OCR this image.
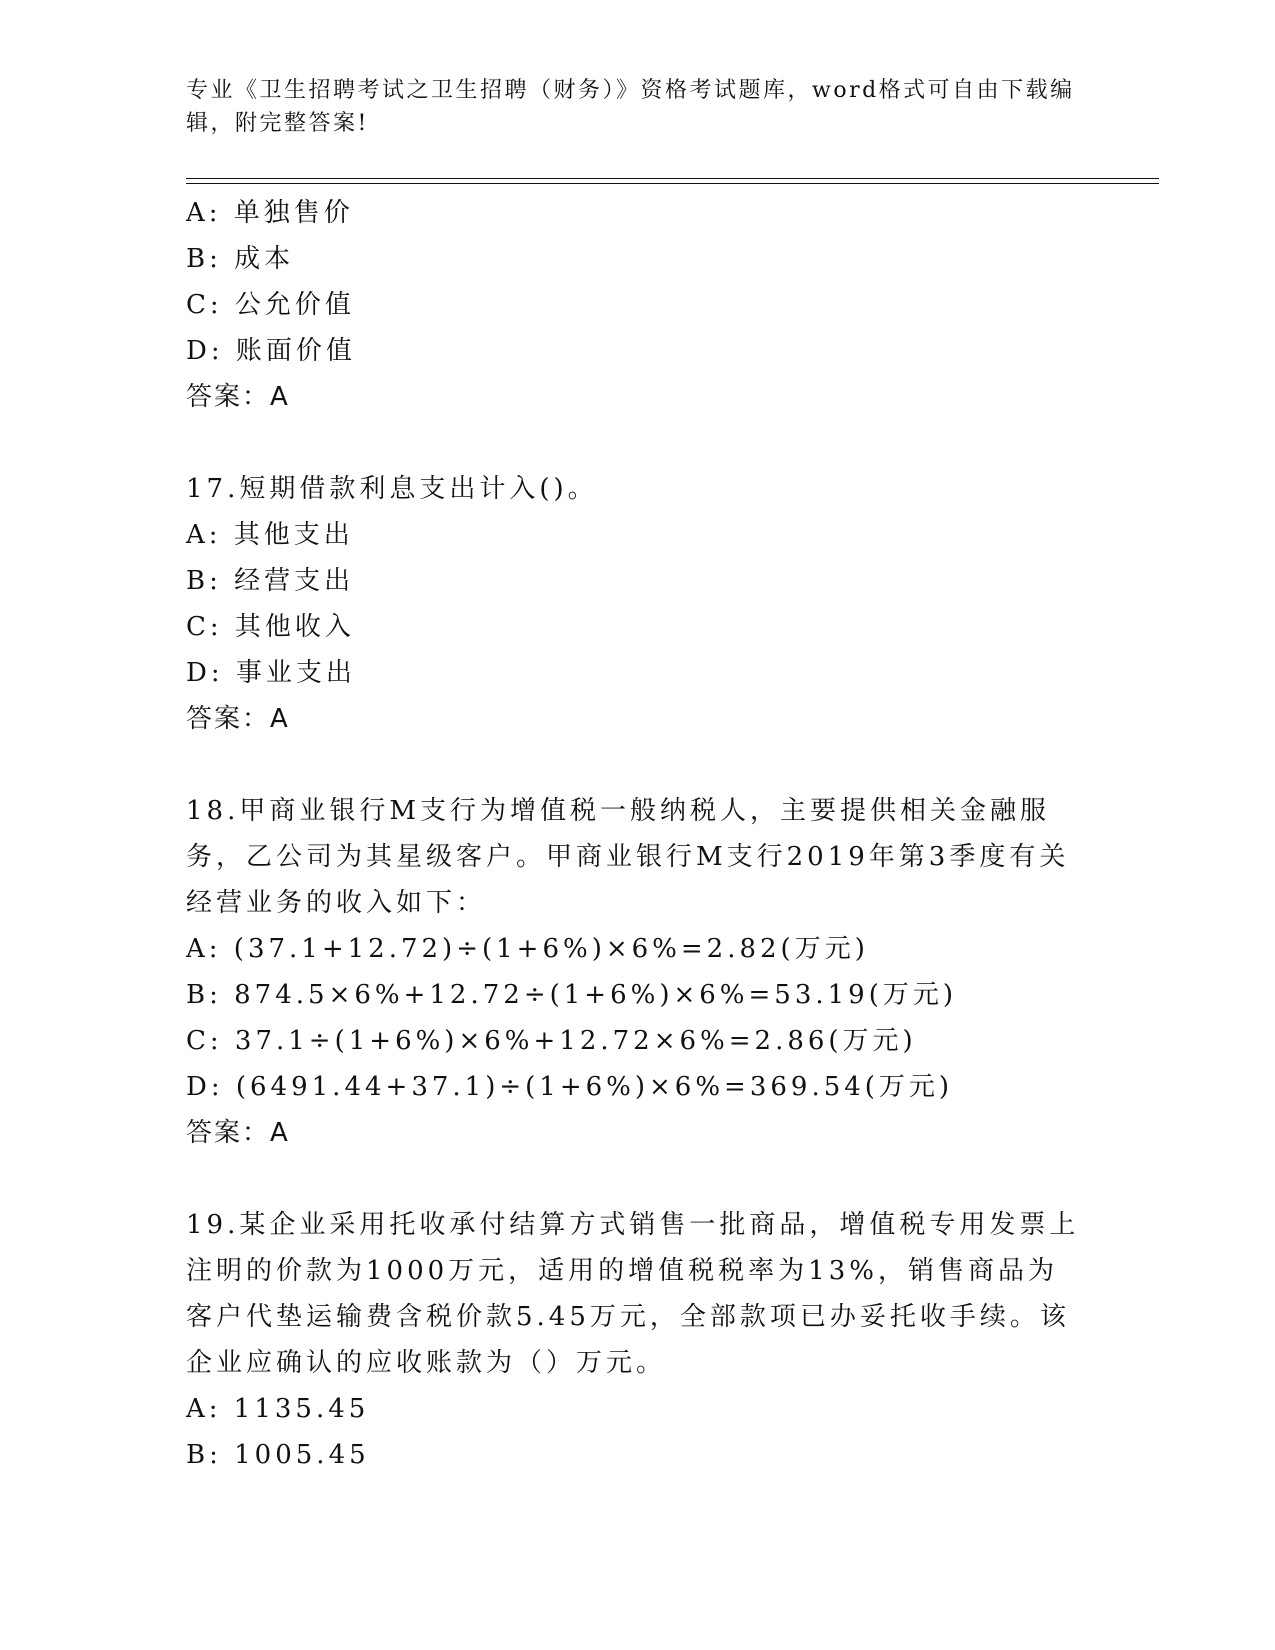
专业《卫生招聘考试之卫生招聘（财务）》资格考试题库，word格式可自由下载编辑，附完整答案!
A: 单独售价
B: 成本
C: 公允价值
D: 账面价值
答案：A
17.短期借款利息支出计入()。
A: 其他支出
B: 经营支出
C: 其他收入
D: 事业支出
答案：A
18.甲商业银行M支行为增值税一般纳税人，主要提供相关金融服务，乙公司为其星级客户。甲商业银行M支行2019年第3季度有关经营业务的收入如下：
A: (37.1+12.72)÷(1+6%)×6%=2.82(万元)
B: 874.5×6%+12.72÷(1+6%)×6%=53.19(万元)
C: 37.1÷(1+6%)×6%+12.72×6%=2.86(万元)
D: (6491.44+37.1)÷(1+6%)×6%=369.54(万元)
答案：A
19.某企业采用托收承付结算方式销售一批商品，增值税专用发票上注明的价款为1000万元，适用的增值税税率为13%，销售商品为客户代垫运输费含税价款5.45万元，全部款项已办妥托收手续。该企业应确认的应收账款为（）万元。
A: 1135.45
B: 1005.45
